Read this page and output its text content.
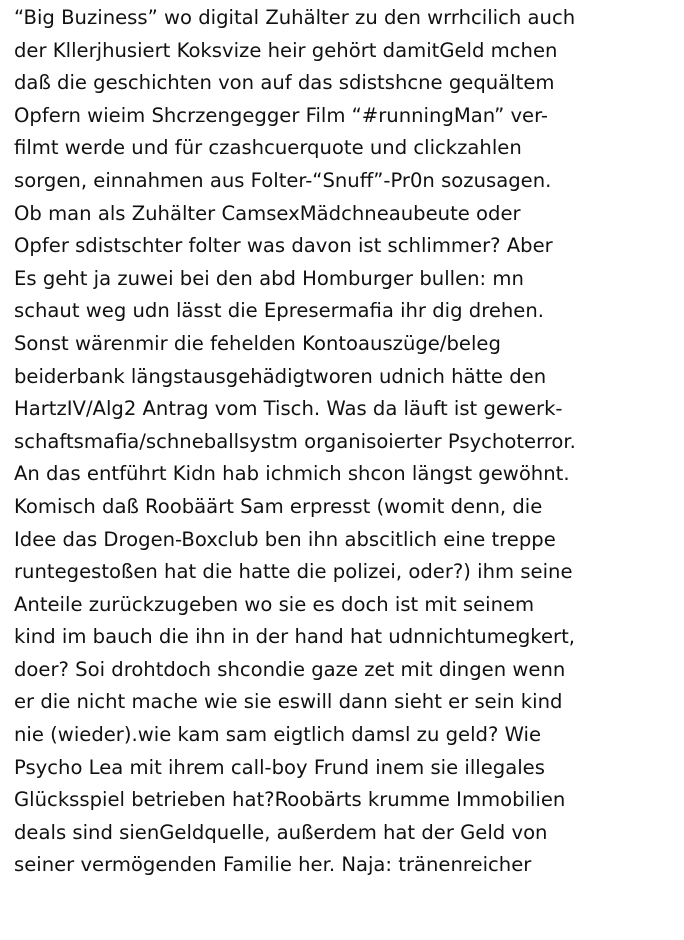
“Big Buziness” wo digital Zuhälter zu den wrrhcilich auch
der Kllerjhusiert Koksvize heir gehört damitGeld mchen
daß die geschichten von auf das sdistshcne gequältem
Opfern wieim Shcrzengegger Film “#runningMan” ver-
filmt werde und für czashcuerquote und clickzahlen
sorgen, einnahmen aus Folter-“Snuff”-Pr0n sozusagen.
Ob man als Zuhälter CamsexMädchneaubeute oder
Opfer sdistschter folter was davon ist schlimmer? Aber
Es geht ja zuwei bei den abd Homburger bullen: mn
schaut weg udn lässt die Epresermafia ihr dig drehen.
Sonst wärenmir die fehelden Kontoauszüge/beleg
beiderbank längstausgehädigtworen udnich hätte den
HartzIV/Alg2 Antrag vom Tisch. Was da läuft ist gewerk-
schaftsmafia/schneballsystm organisoierter Psychoterror.
An das entführt Kidn hab ichmich shcon längst gewöhnt.
Komisch daß Roobäärt Sam erpresst (womit denn, die
Idee das Drogen-Boxclub ben ihn abscitlich eine treppe
runtegestoßen hat die hatte die polizei, oder?) ihm seine
Anteile zurückzugeben wo sie es doch ist mit seinem
kind im bauch die ihn in der hand hat udnnichtumegkert,
doer? Soi drohtdoch shcondie gaze zet mit dingen wenn
er die nicht mache wie sie eswill dann sieht er sein kind
nie (wieder).wie kam sam eigtlich damsl zu geld? Wie
Psycho Lea mit ihrem call-boy Frund inem sie illegales
Glücksspiel betrieben hat?Roobärts krumme Immobilien
deals sind sienGeldquelle, außerdem hat der Geld von
seiner vermögenden Familie her. Naja: tränenreicher
